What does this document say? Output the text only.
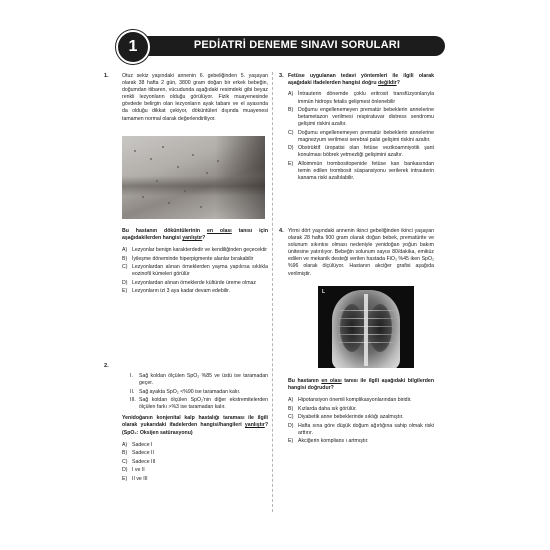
1	PEDİATRİ DENEME SINAVI SORULARI
1.	Otuz sekiz yaşındaki annenin 6. gebeliğinden 5. yaşayan olarak 38 hafta 2 gün, 3800 gram doğan bir erkek bebeğin, doğumdan itibaren, vücudunda aşağıdaki resimdeki gibi beyaz renkli lezyonların olduğu görülüyor. Fizik muayenesinde gövdede belirgin olan lezyonların ayak tabanı ve el ayasında da olduğu dikkat çekiyor, döküntüleri dışında muayenesi tamamen normal olarak değerlendiriliyor.
Bu hastanın döküntülerinin en olası tanısı için aşağıdakilerden hangisi yanlıştır?
A) Lezyonlar benign karakterdedir ve kendiliğinden geçecektir
B) İyileşme döneminde hiperpigmente alanlar bırakabilir
C) Lezyonlardan alınan örneklerden yayma yapılırsa sıklıkla eozinofil kümeleri görülür
D) Lezyonlardan alınan örneklerde kültürde üreme olmaz
E) Lezyonların izi 3 aya kadar devam edebilir.
2.
I.	Sağ koldan ölçülen SpO₂ %85 ve üstü ise taramadan geçer.
II. Sağ ayakta SpO₂ <%90 ise taramadan kalır.
III. Sağ koldan ölçülen SpO₂'nin diğer ekstremitelerden ölçülen farkı >%3 ise taramadan kalır.
Yenidoğanın konjenital kalp hastalığı taraması ile ilgili olarak yukarıdaki ifadelerden hangisi/hangileri yanlıştır? (SpO₂: Oksijen satürasyonu)
A) Sadece I
B) Sadece II
C) Sadece III
D) I ve II
E) II ve III
3. Fetüse uygulanan tedavi yöntemleri ile ilgili olarak aşağıdaki ifadelerden hangisi doğru değildir?
A) İntrauterin dönemde çoklu eritrosit transfüzyonlarıyla immün hidrops fetalis gelişmesi önlenebilir
B) Doğumu engellenemeyen prematür bebeklerin annelerine betametazon verilmesi respiratuvar distress sendromu gelişimi riskini azaltır.
C) Doğumu engellenemeyen prematür bebeklerin annelerine magnezyum verilmesi serebral palsi gelişimi riskini azaltır.
D) Obstrüktif üropatisi olan fetüse vezikoamniyotik şant konulması böbrek yetmezliği gelişimini azaltır.
E) Alloimmün trombositopenide fetüse kan bankasından temin edilen trombosit süspansiyonu verilerek intrauterin kanama riski azaltılabilir.
4. Yirmi dört yaşındaki annenin ikinci gebeliğinden ikinci yaşayan olarak 28 hafta 900 gram olarak doğan bebek, prematürite ve solunum sıkıntısı olması nedeniyle yenidoğan yoğun bakım ünitesine yatırılıyor. Bebeğin solunum sayısı 80/dakika, emiküz edilen ve mekanik desteği verilen hastada FiO₂ %45 iken SpO₂ %96 olarak ölçülüyor. Hastanın akciğer grafisi aşağıda verilmiştir.
L
Bu hastanın en olası tanısı ile ilgili aşağıdaki bilgilerden hangisi doğrudur?
A) Hipotansiyon önemli komplikasyonlarından biridir.
B) Kızlarda daha sık görülür.
C) Diyabetik anne bebeklerinde sıklığı azalmıştır.
D) Hafta sına göre düşük doğum ağırlığına sahip olmak riski arttırır.
E) Akciğerin komplians ı artmıştır.
